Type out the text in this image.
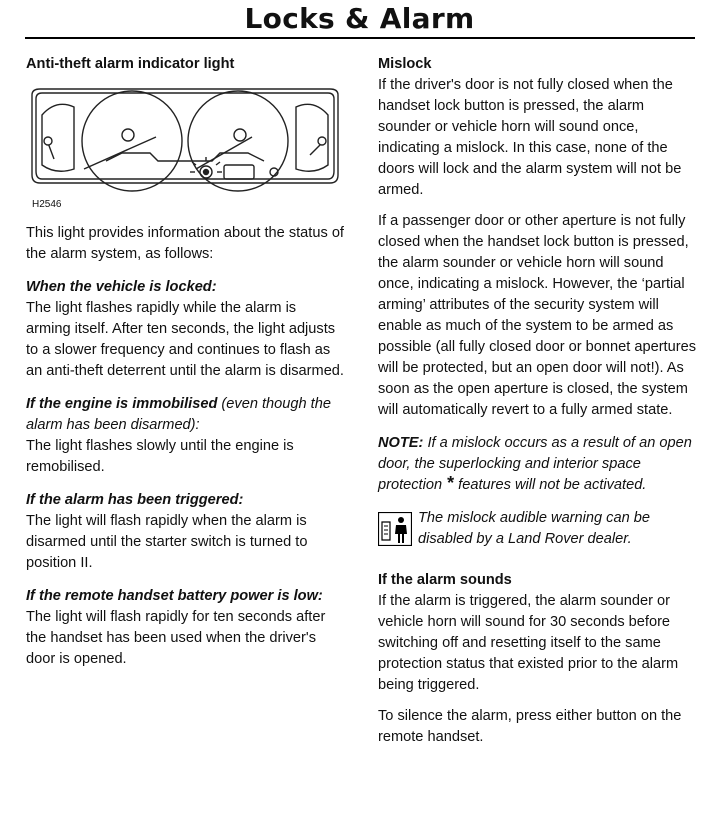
Locks & Alarm

Anti-theft alarm indicator light

H2546

This light provides information about the status of the alarm system, as follows:

When the vehicle is locked:

The light flashes rapidly while the alarm is arming itself. After ten seconds, the light adjusts to a slower frequency and continues to flash as an anti-theft deterrent until the alarm is disarmed.

If the engine is immobilised (even though the alarm has been disarmed):

The light flashes slowly until the engine is remobilised.

If the alarm has been triggered:

The light will flash rapidly when the alarm is disarmed until the starter switch is turned to position II.

If the remote handset battery power is low:

The light will flash rapidly for ten seconds after the handset has been used when the driver's door is opened.

Mislock

If the driver's door is not fully closed when the handset lock button is pressed, the alarm sounder or vehicle horn will sound once, indicating a mislock. In this case, none of the doors will lock and the alarm system will not be armed.

If a passenger door or other aperture is not fully closed when the handset lock button is pressed, the alarm sounder or vehicle horn will sound once, indicating a mislock. However, the ‘partial arming’ attributes of the security system will enable as much of the system to be armed as possible (all fully closed door or bonnet apertures will be protected, but an open door will not!). As soon as the open aperture is closed, the system will automatically revert to a fully armed state.

NOTE: If a mislock occurs as a result of an open door, the superlocking and interior space protection * features will not be activated.

The mislock audible warning can be disabled by a Land Rover dealer.

If the alarm sounds

If the alarm is triggered, the alarm sounder or vehicle horn will sound for 30 seconds before switching off and resetting itself to the same protection status that existed prior to the alarm being triggered.

To silence the alarm, press either button on the remote handset.
